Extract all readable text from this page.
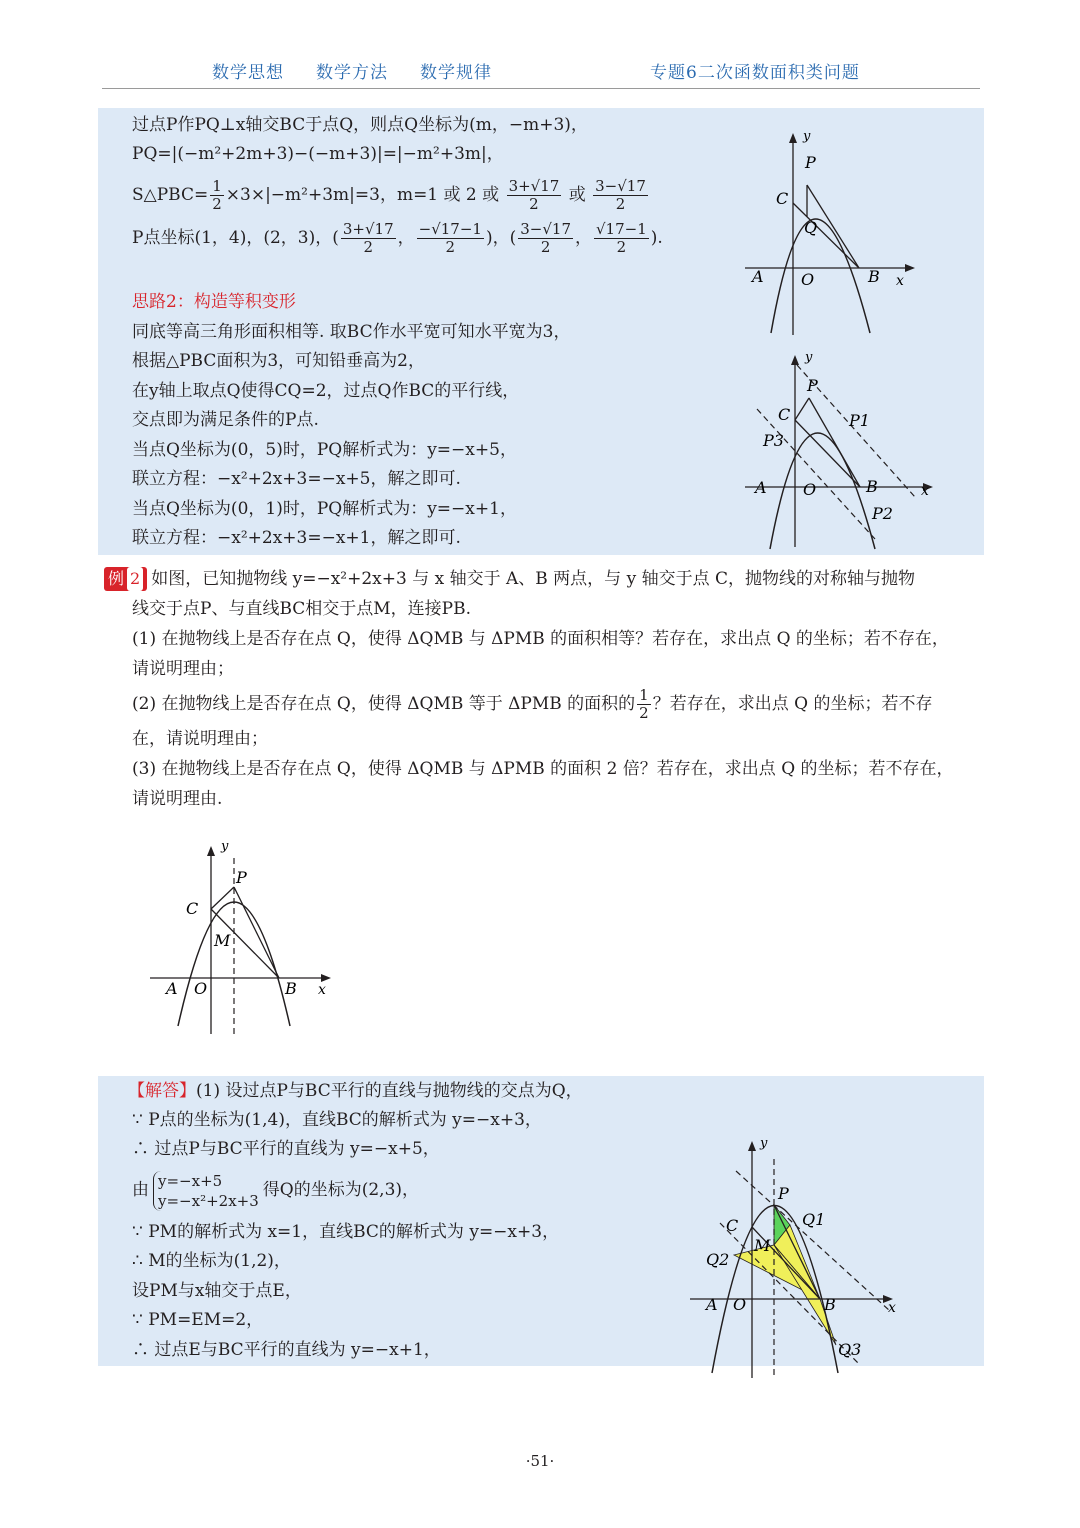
数学思想 数学方法 数学规律	专题6二次函数面积类问题
过点P作PQ⊥x轴交BC于点Q，则点Q坐标为(m，−m+3)，
PQ=|(−m²+2m+3)−(−m+3)|=|−m²+3m|，
S△PBC= $\frac{1}{2} \times 3\times|-m^2+3m|=3$，m=1 或 2 或 $\frac{3+√17}{2}$ 或 $\frac{3-√17}{2}$
P点坐标(1，4)，(2，3)，( $\frac{3+√17}{2}$ ， $\frac{-√17-1}{2}$ )，( $\frac{3-√17}{2}$ ， $\frac{√17-1}{2}$ ).
思路2：构造等积变形
同底等高三角形面积相等. 取BC作水平宽可知水平宽为3，
根据△PBC面积为3，可知铅垂高为2，
在y轴上取点Q使得CQ=2，过点Q作BC的平行线，
交点即为满足条件的P点.
当点Q坐标为(0，5)时，PQ解析式为：y=−x+5，
联立方程：−x²+2x+3=−x+5，解之即可.
当点Q坐标为(0，1)时，PQ解析式为：y=−x+1，
联立方程：−x²+2x+3=−x+1，解之即可.
y
P
C
Q
A O	B x
y
P
C	P1
P3
A O	B
P2
x
例 2 如图，已知抛物线 y=−x²+2x+3 与 x 轴交于 A、B 两点，与 y 轴交于点 C，抛物线的对称轴与抛物
线交于点P、与直线BC相交于点M，连接PB.
(1) 在抛物线上是否存在点 Q，使得 ΔQMB 与 ΔPMB 的面积相等？若存在，求出点 Q 的坐标；若不存在，
请说明理由；
(2) 在抛物线上是否存在点 Q，使得 ΔQMB 等于 ΔPMB 的面积的 $\frac{1}{2}$ ？若存在，求出点 Q 的坐标；若不存
在，请说明理由；
(3) 在抛物线上是否存在点 Q，使得 ΔQMB 与 ΔPMB 的面积 2 倍？若存在，求出点 Q 的坐标；若不存在，
请说明理由.
y
P
C
M
A O	B x
【解答】(1) 设过点P与BC平行的直线与抛物线的交点为Q，
∵ P点的坐标为(1,4)，直线BC的解析式为 y=−x+3，
∴ 过点P与BC平行的直线为 y=−x+5，
由 y=−x+5
y=−x²+2x+3
得Q的坐标为(2,3)，
∵ PM的解析式为 x=1，直线BC的解析式为 y=−x+3，
∴ M的坐标为(1,2)，
设PM与x轴交于点E，
∵ PM=EM=2，
∴ 过点E与BC平行的直线为 y=−x+1，
y
P
C	Q1
M
Q2
A O	B	x
Q3
·51·
